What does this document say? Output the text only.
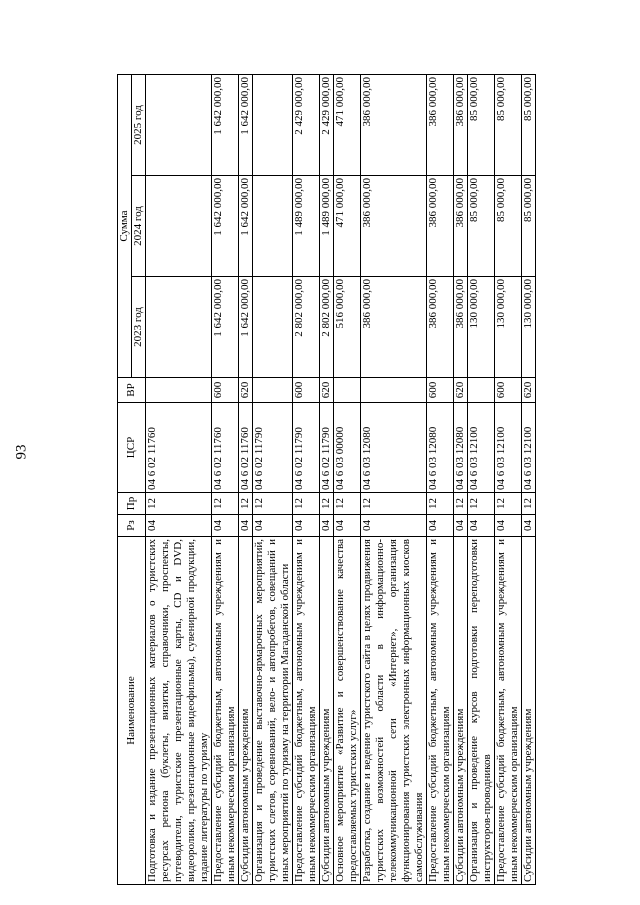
93
Наименование	Рз	Пр	ЦСР	ВР	Сумма		
					2023 год	2024 год	2025 год
Подготовка и издание презентационных материалов о туристских ресурсах региона (буклеты, визитки, справочники, проспекты, путеводители, туристские презентационные карты, CD и DVD, видеоролики, презентационные видеофильмы), сувенирной продукции, издание литературы по туризму	04	12	04 6 02 11760				
Предоставление субсидий бюджетным, автономным учреждениям и иным некоммерческим организациям	04	12	04 6 02 11760	600	1 642 000,00	1 642 000,00	1 642 000,00
Субсидии автономным учреждениям	04	12	04 6 02 11760	620	1 642 000,00	1 642 000,00	1 642 000,00
Организация и проведение выставочно-ярмарочных мероприятий, туристских слетов, соревнований, вело- и автопробегов, совещаний и иных мероприятий по туризму на территории Магаданской области	04	12	04 6 02 11790				
Предоставление субсидий бюджетным, автономным учреждениям и иным некоммерческим организациям	04	12	04 6 02 11790	600	2 802 000,00	1 489 000,00	2 429 000,00
Субсидии автономным учреждениям	04	12	04 6 02 11790	620	2 802 000,00	1 489 000,00	2 429 000,00
Основное мероприятие «Развитие и совершенствование качества предоставляемых туристских услуг»	04	12	04 6 03 00000		516 000,00	471 000,00	471 000,00
Разработка, создание и ведение туристского сайта в целях продвижения туристских возможностей области в информационно-телекоммуникационной сети «Интернет», организация функционирования туристских электронных информационных киосков самообслуживания	04	12	04 6 03 12080		386 000,00	386 000,00	386 000,00
Предоставление субсидий бюджетным, автономным учреждениям и иным некоммерческим организациям	04	12	04 6 03 12080	600	386 000,00	386 000,00	386 000,00
Субсидии автономным учреждениям	04	12	04 6 03 12080	620	386 000,00	386 000,00	386 000,00
Организация и проведение курсов подготовки переподготовки инструкторов-проводников	04	12	04 6 03 12100		130 000,00	85 000,00	85 000,00
Предоставление субсидий бюджетным, автономным учреждениям и иным некоммерческим организациям	04	12	04 6 03 12100	600	130 000,00	85 000,00	85 000,00
Субсидии автономным учреждениям	04	12	04 6 03 12100	620	130 000,00	85 000,00	85 000,00
